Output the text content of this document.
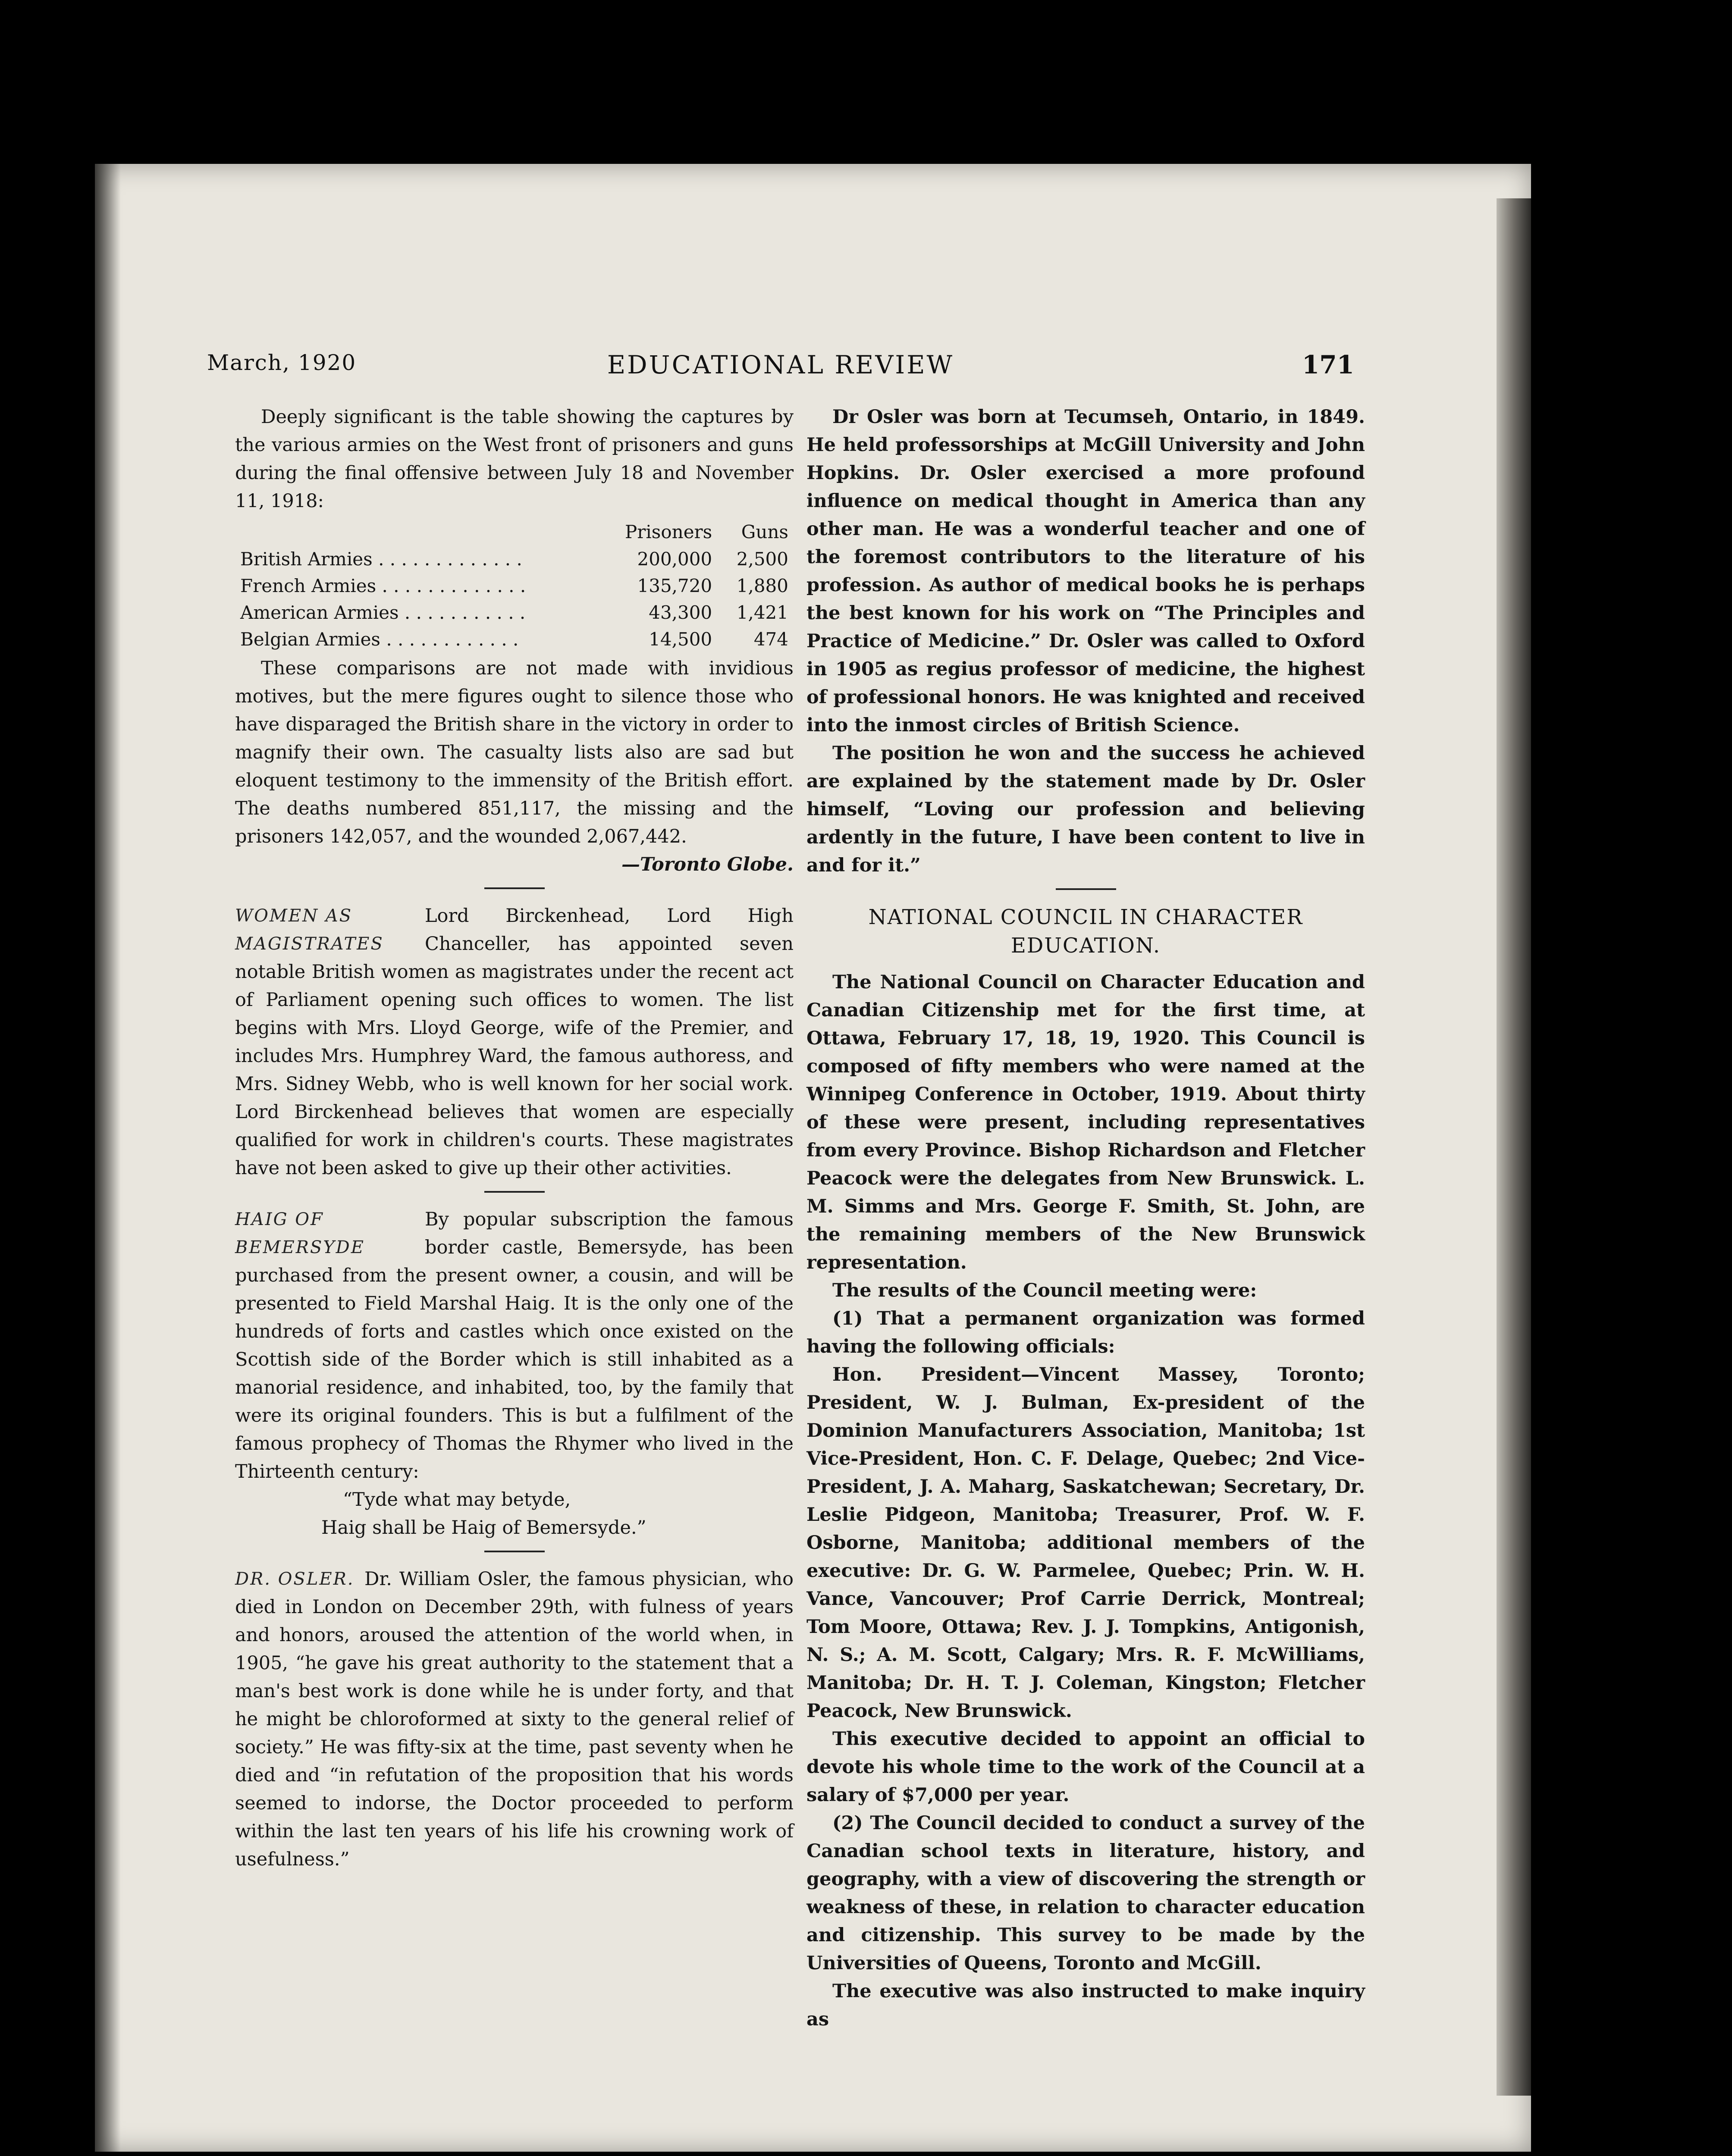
March, 1920	EDUCATIONAL REVIEW	171

Deeply significant is the table showing the captures by the various armies on the West front of prisoners and guns during the final offensive between July 18 and November 11, 1918:

	Prisoners	Guns
British Armies . . . . . . . . . . . . .	200,000	2,500
French Armies . . . . . . . . . . . . .	135,720	1,880
American Armies . . . . . . . . . . .	43,300	1,421
Belgian Armies . . . . . . . . . . . .	14,500	474

These comparisons are not made with invidious motives, but the mere figures ought to silence those who have disparaged the British share in the victory in order to magnify their own. The casualty lists also are sad but eloquent testimony to the immensity of the British effort. The deaths numbered 851,117, the missing and the prisoners 142,057, and the wounded 2,067,442.

—Toronto Globe.

WOMEN AS
MAGISTRATES

Lord Birckenhead, Lord High Chanceller, has appointed seven notable British women as magistrates under the recent act of Parliament opening such offices to women. The list begins with Mrs. Lloyd George, wife of the Premier, and includes Mrs. Humphrey Ward, the famous authoress, and Mrs. Sidney Webb, who is well known for her social work. Lord Birckenhead believes that women are especially qualified for work in children's courts. These magistrates have not been asked to give up their other activities.

HAIG OF
BEMERSYDE

By popular subscription the famous border castle, Bemersyde, has been purchased from the present owner, a cousin, and will be presented to Field Marshal Haig. It is the only one of the hundreds of forts and castles which once existed on the Scottish side of the Border which is still inhabited as a manorial residence, and inhabited, too, by the family that were its original founders. This is but a fulfilment of the famous prophecy of Thomas the Rhymer who lived in the Thirteenth century:

“Tyde what may betyde,

Haig shall be Haig of Bemersyde.”

DR. OSLER. Dr. William Osler, the famous physician, who died in London on December 29th, with fulness of years and honors, aroused the attention of the world when, in 1905, “he gave his great authority to the statement that a man's best work is done while he is under forty, and that he might be chloroformed at sixty to the general relief of society.” He was fifty-six at the time, past seventy when he died and “in refutation of the proposition that his words seemed to indorse, the Doctor proceeded to perform within the last ten years of his life his crowning work of usefulness.”

Dr Osler was born at Tecumseh, Ontario, in 1849. He held professorships at McGill University and John Hopkins. Dr. Osler exercised a more profound influence on medical thought in America than any other man. He was a wonderful teacher and one of the foremost contributors to the literature of his profession. As author of medical books he is perhaps the best known for his work on “The Principles and Practice of Medicine.” Dr. Osler was called to Oxford in 1905 as regius professor of medicine, the highest of professional honors. He was knighted and received into the inmost circles of British Science.

The position he won and the success he achieved are explained by the statement made by Dr. Osler himself, “Loving our profession and believing ardently in the future, I have been content to live in and for it.”

NATIONAL COUNCIL IN CHARACTER
EDUCATION.

The National Council on Character Education and Canadian Citizenship met for the first time, at Ottawa, February 17, 18, 19, 1920. This Council is composed of fifty members who were named at the Winnipeg Conference in October, 1919. About thirty of these were present, including representatives from every Province. Bishop Richardson and Fletcher Peacock were the delegates from New Brunswick. L. M. Simms and Mrs. George F. Smith, St. John, are the remaining members of the New Brunswick representation.

The results of the Council meeting were:

(1) That a permanent organization was formed having the following officials:

Hon. President—Vincent Massey, Toronto; President, W. J. Bulman, Ex-president of the Dominion Manufacturers Association, Manitoba; 1st Vice-President, Hon. C. F. Delage, Quebec; 2nd Vice-President, J. A. Maharg, Saskatchewan; Secretary, Dr. Leslie Pidgeon, Manitoba; Treasurer, Prof. W. F. Osborne, Manitoba; additional members of the executive: Dr. G. W. Parmelee, Quebec; Prin. W. H. Vance, Vancouver; Prof Carrie Derrick, Montreal; Tom Moore, Ottawa; Rev. J. J. Tompkins, Antigonish, N. S.; A. M. Scott, Calgary; Mrs. R. F. McWilliams, Manitoba; Dr. H. T. J. Coleman, Kingston; Fletcher Peacock, New Brunswick.

This executive decided to appoint an official to devote his whole time to the work of the Council at a salary of $7,000 per year.

(2) The Council decided to conduct a survey of the Canadian school texts in literature, history, and geography, with a view of discovering the strength or weakness of these, in relation to character education and citizenship. This survey to be made by the Universities of Queens, Toronto and McGill.

The executive was also instructed to make inquiry as
